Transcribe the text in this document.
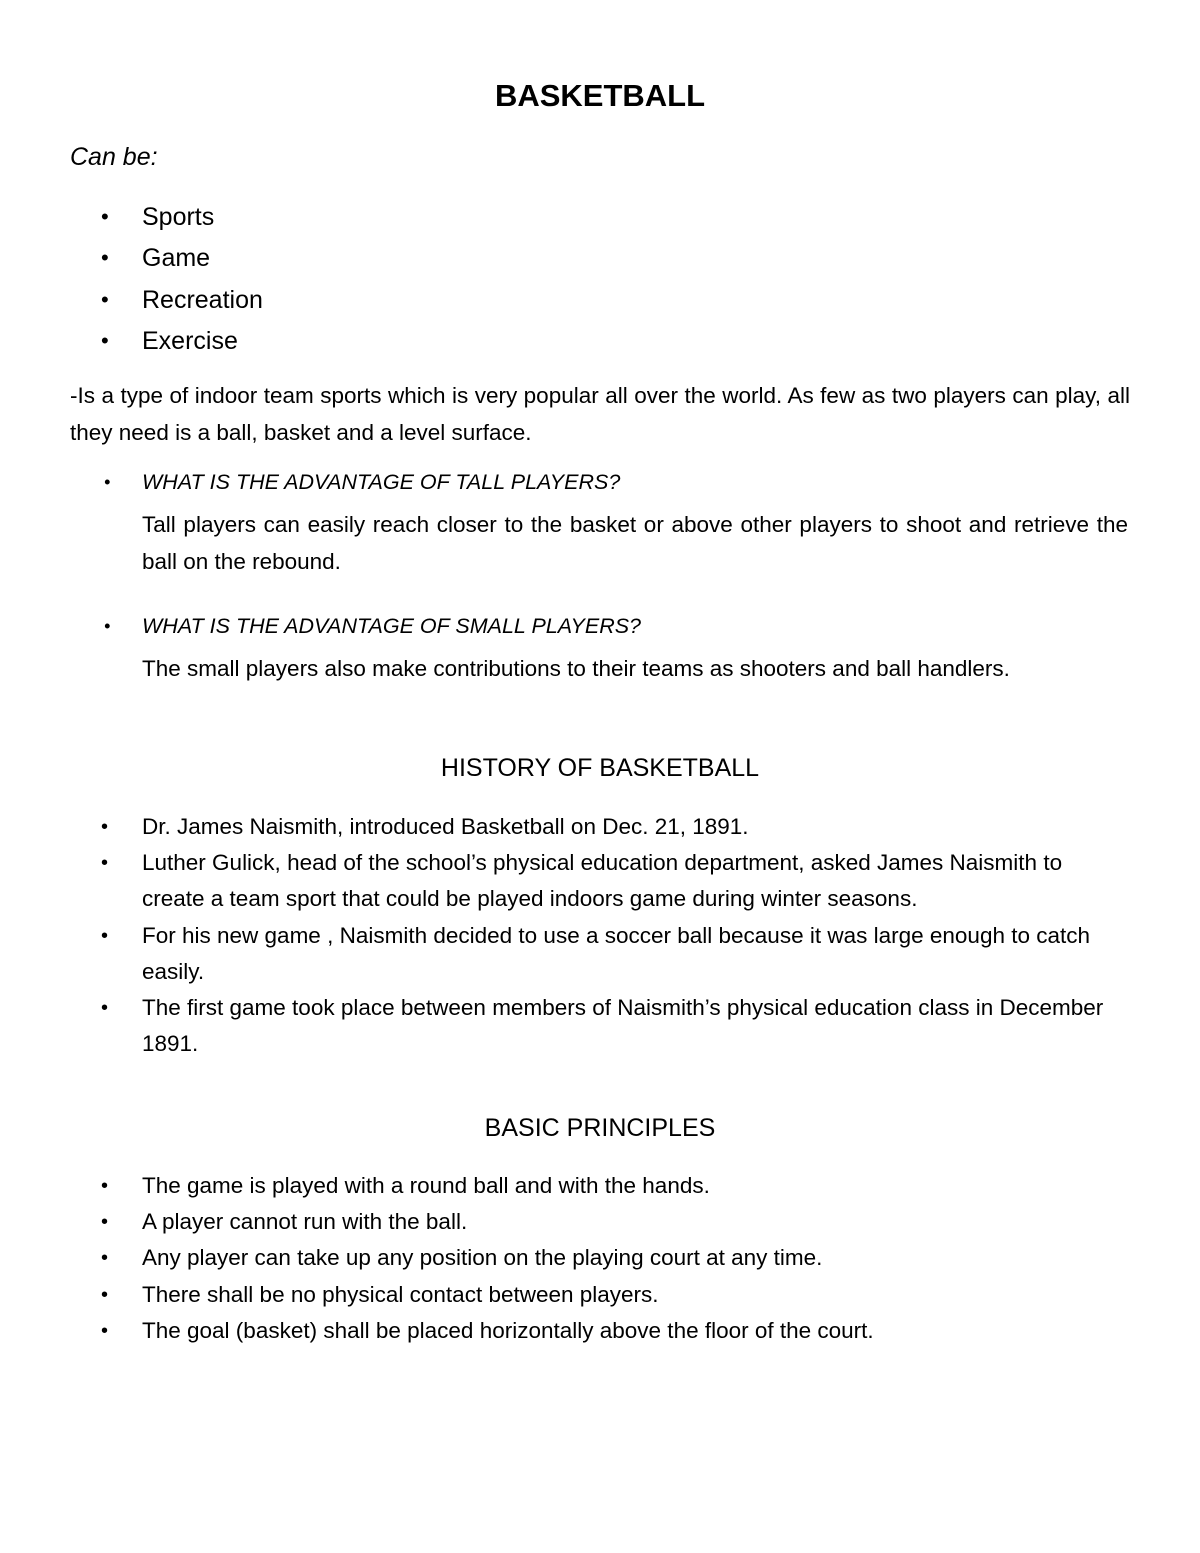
BASKETBALL
Can be:
• Sports
• Game
• Recreation
• Exercise
-Is a type of indoor team sports which is very popular all over the world. As few as two players can play, all they need is a ball, basket and a level surface.
• WHAT IS THE ADVANTAGE OF TALL PLAYERS?
Tall players can easily reach closer to the basket or above other players to shoot and retrieve the ball on the rebound.
• WHAT IS THE ADVANTAGE OF SMALL PLAYERS?
The small players also make contributions to their teams as shooters and ball handlers.
HISTORY OF BASKETBALL
• Dr. James Naismith, introduced Basketball on Dec. 21, 1891.
• Luther Gulick, head of the school’s physical education department, asked James Naismith to create a team sport that could be played indoors game during winter seasons.
• For his new game , Naismith decided to use a soccer ball because it was large enough to catch easily.
• The first game took place between members of Naismith’s physical education class in December 1891.
BASIC PRINCIPLES
• The game is played with a round ball and with the hands.
• A player cannot run with the ball.
• Any player can take up any position on the playing court at any time.
• There shall be no physical contact between players.
• The goal (basket) shall be placed horizontally above the floor of the court.
